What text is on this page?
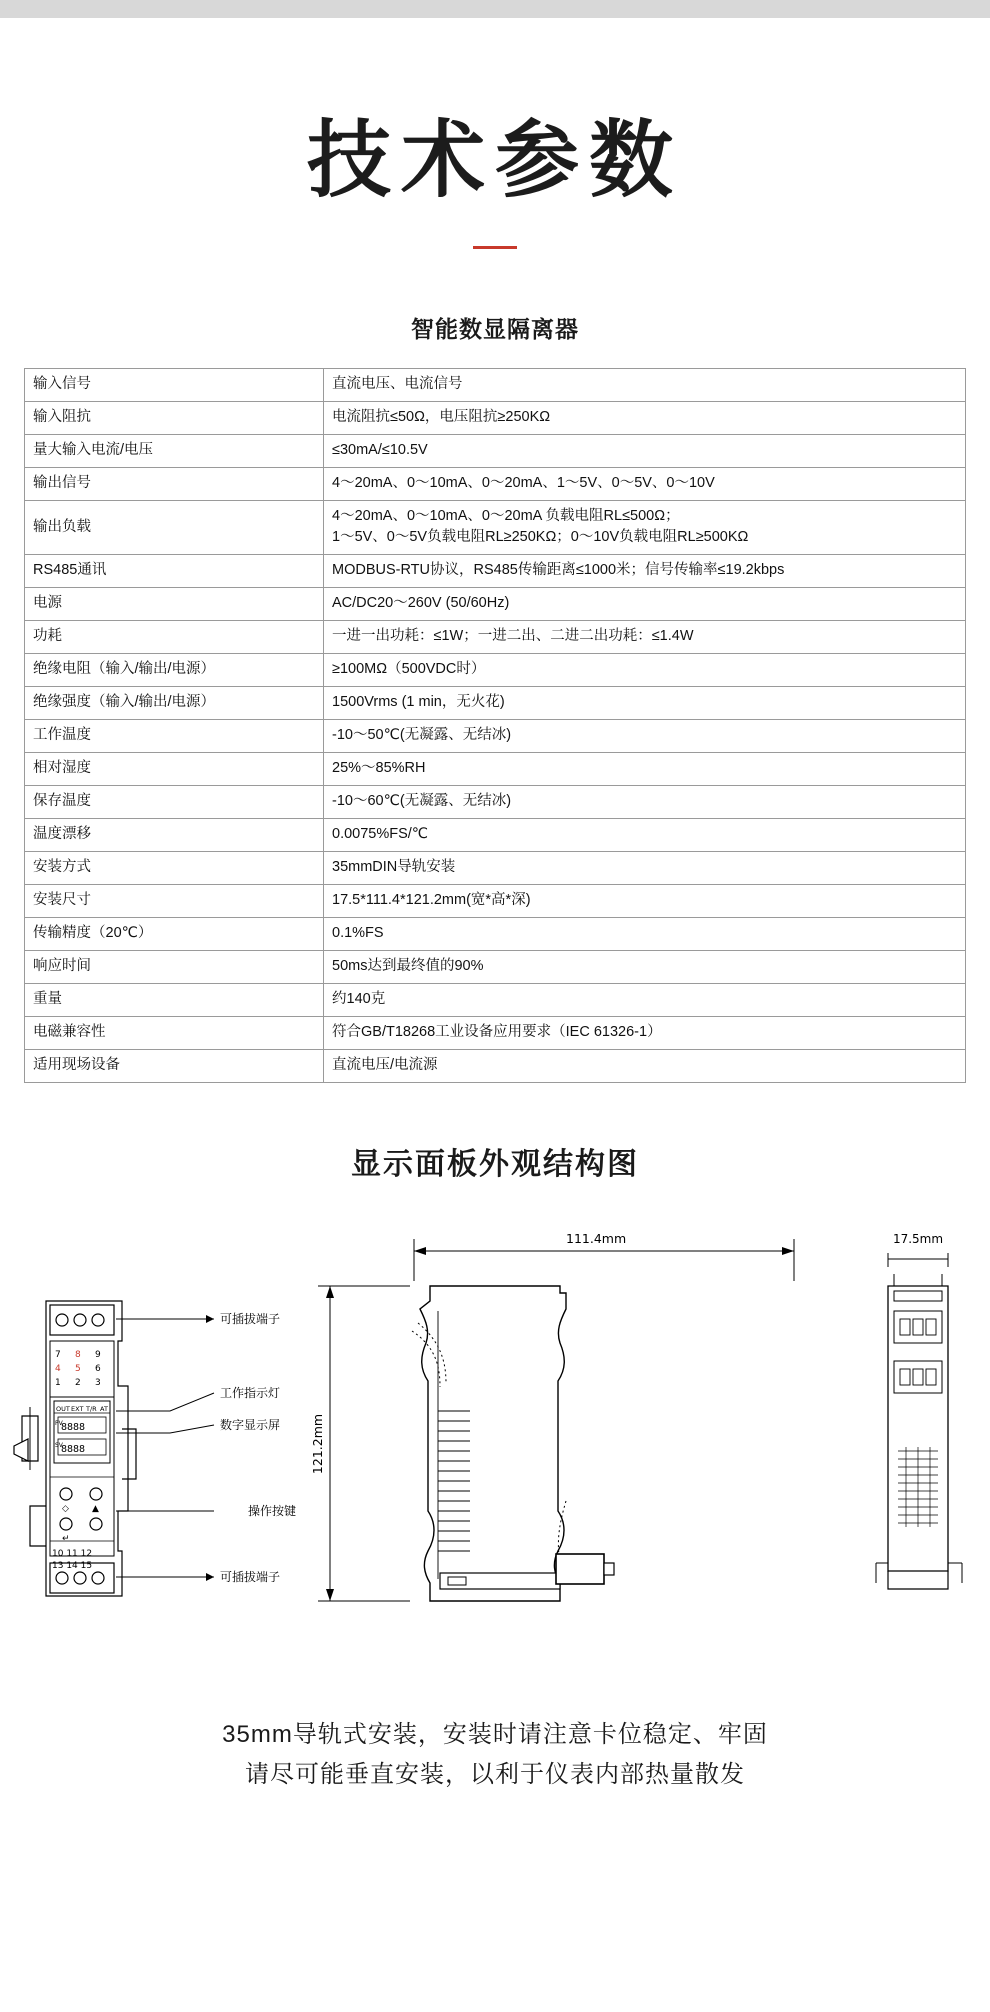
技术参数
智能数显隔离器
输入信号	直流电压、电流信号
输入阻抗	电流阻抗≤50Ω，电压阻抗≥250KΩ
量大输入电流/电压	≤30mA/≤10.5V
输出信号	4～20mA、0～10mA、0～20mA、1～5V、0～5V、0～10V
输出负载	4～20mA、0～10mA、0～20mA 负载电阻RL≤500Ω；
1～5V、0～5V负载电阻RL≥250KΩ；0～10V负载电阻RL≥500KΩ

RS485通讯	MODBUS-RTU协议，RS485传输距离≤1000米；信号传输率≤19.2kbps
电源	AC/DC20～260V (50/60Hz)
功耗	一进一出功耗：≤1W；一进二出、二进二出功耗：≤1.4W
绝缘电阻（输入/输出/电源）	≥100MΩ（500VDC时）
绝缘强度（输入/输出/电源）	1500Vrms (1 min，无火花)
工作温度	-10～50℃(无凝露、无结冰)
相对湿度	25%～85%RH
保存温度	-10～60℃(无凝露、无结冰)
温度漂移	0.0075%FS/℃
安装方式	35mmDIN导轨安装
安装尺寸	17.5*111.4*121.2mm(宽*高*深)
传输精度（20℃）	0.1%FS
响应时间	50ms达到最终值的90%
重量	约140克
电磁兼容性	符合GB/T18268工业设备应用要求（IEC 61326-1）
适用现场设备	直流电压/电流源
显示面板外观结构图
7 8 9
4 5 6
1 2 3
OUT EXT T/R AT
PV
SV
8888
8888
◇	▲
↵
10 11 12
13 14 15
可插拔端子
工作指示灯
数字显示屏
操作按键
可插拔端子
111.4mm
121.2mm
17.5mm
35mm导轨式安装，安装时请注意卡位稳定、牢固
请尽可能垂直安装，以利于仪表内部热量散发
